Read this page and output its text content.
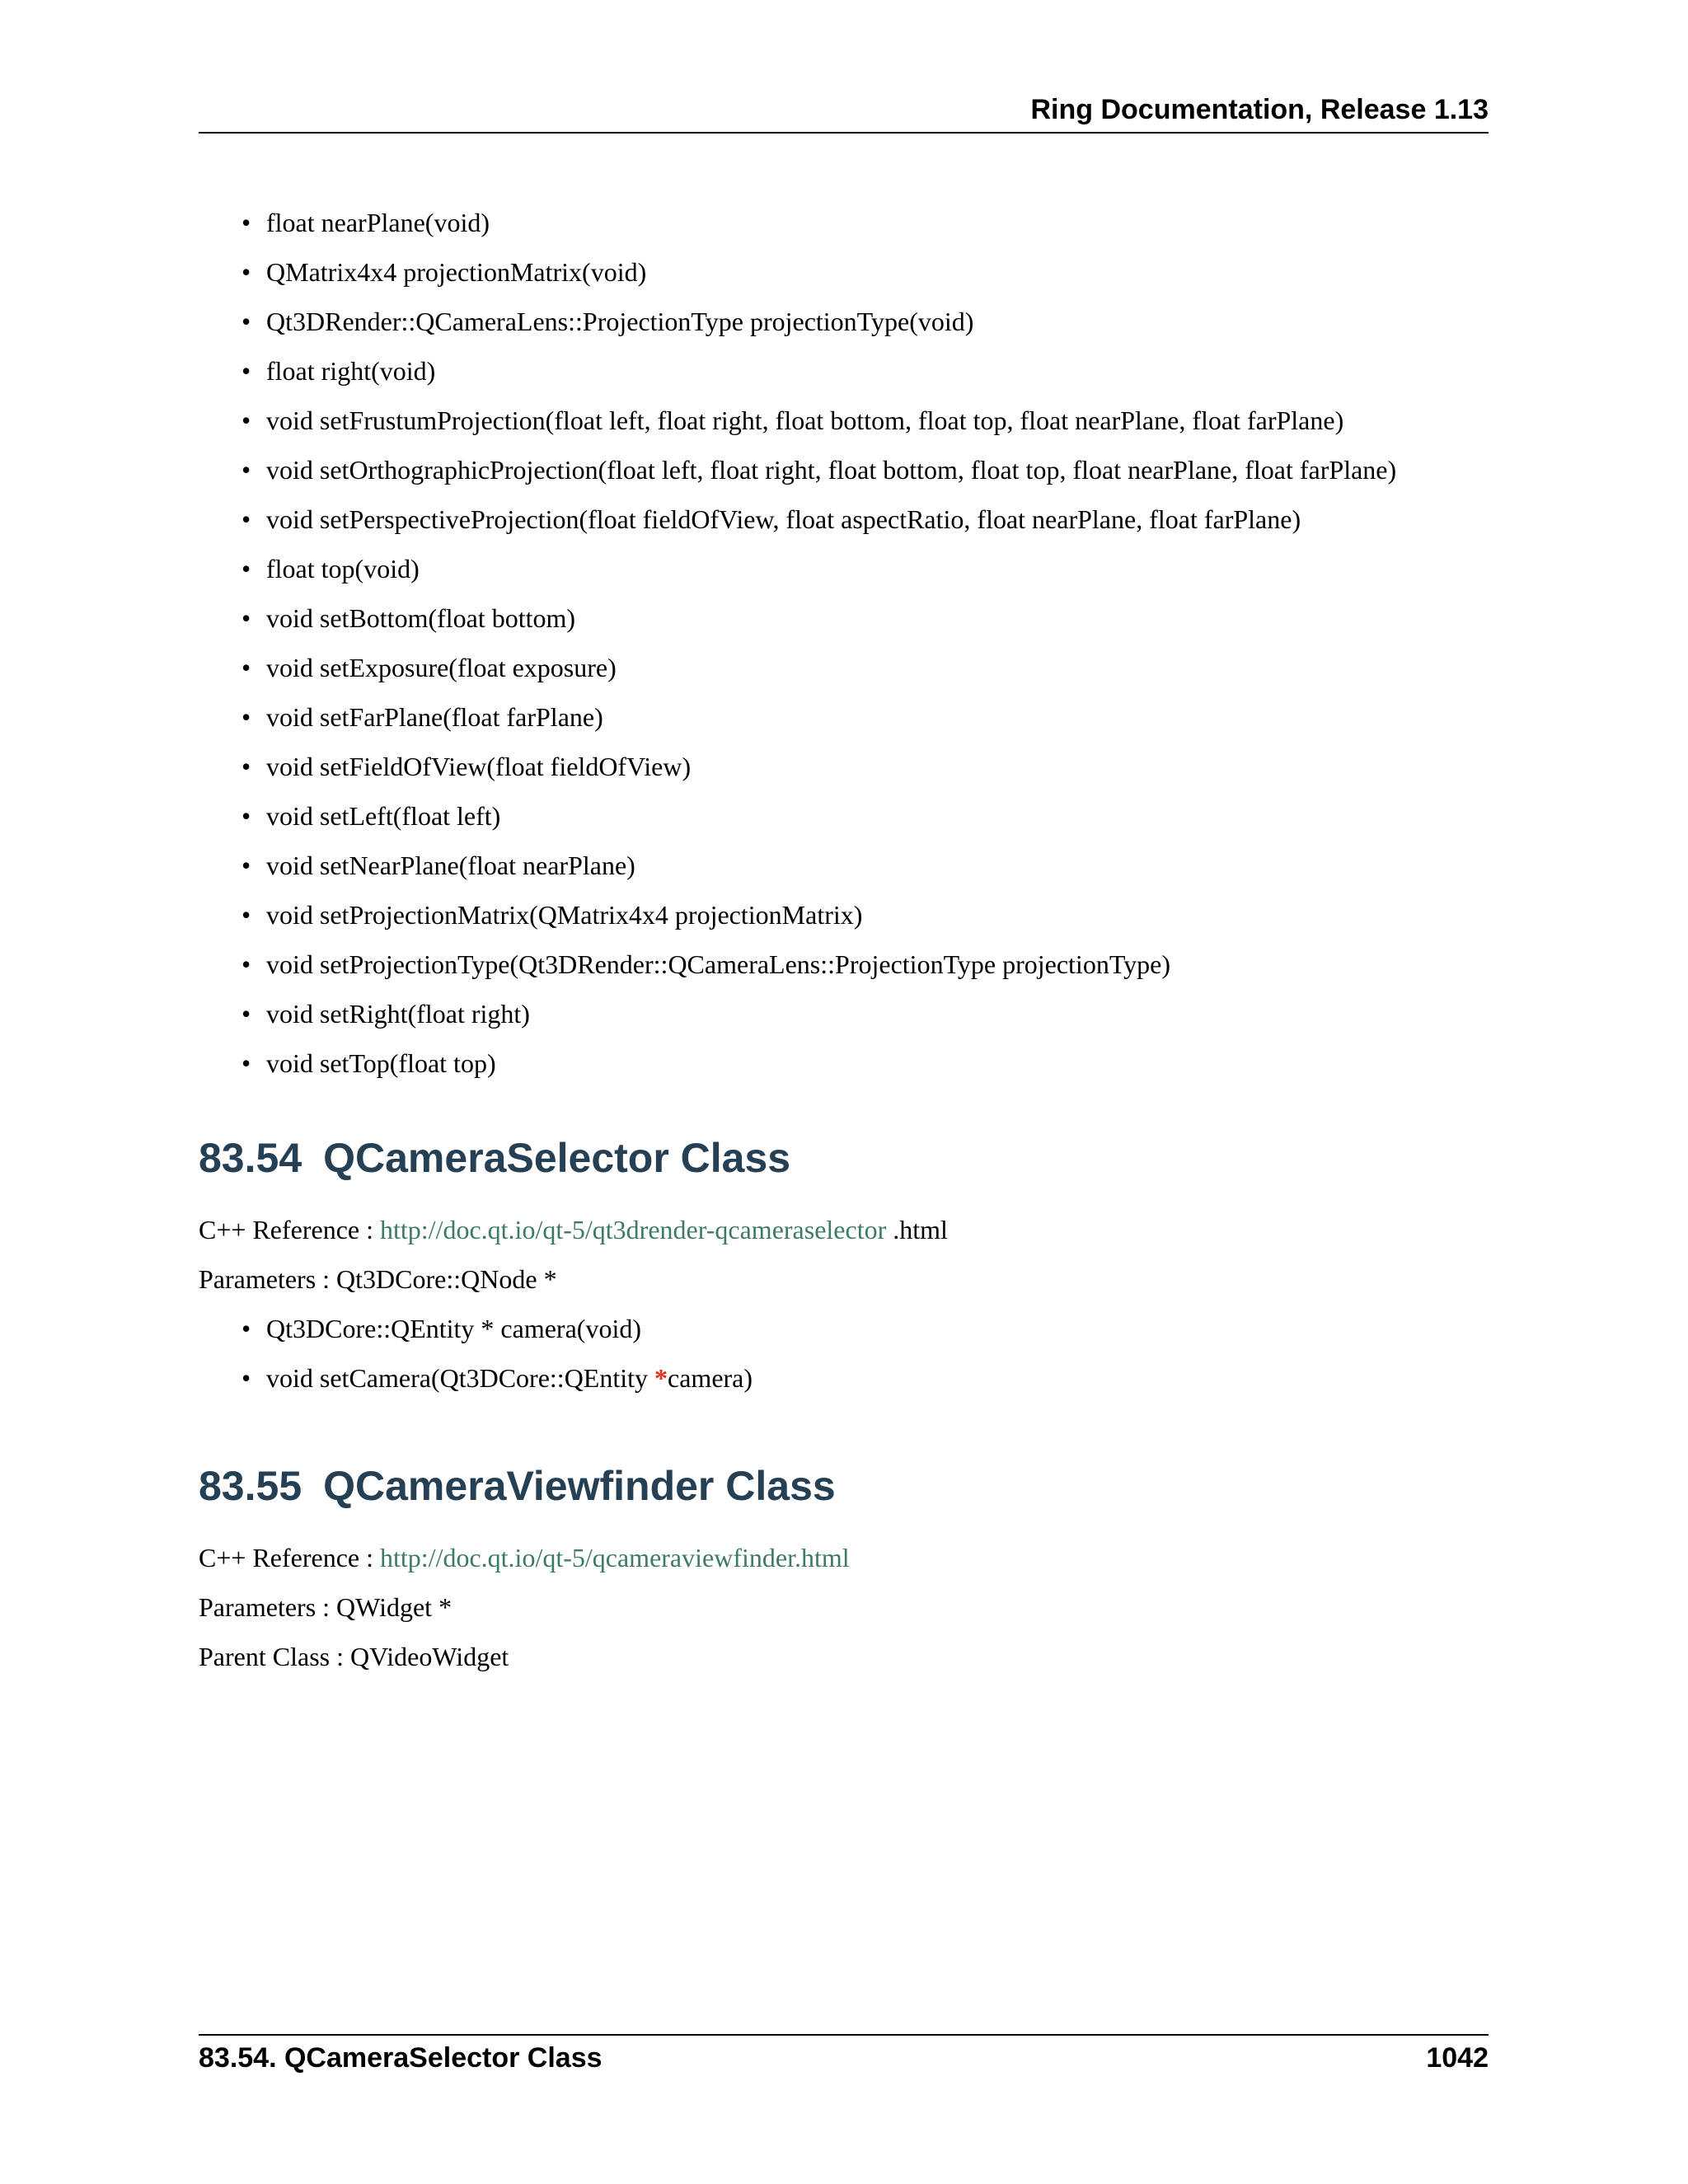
Ring Documentation, Release 1.13
• float nearPlane(void)
• QMatrix4x4 projectionMatrix(void)
• Qt3DRender::QCameraLens::ProjectionType projectionType(void)
• float right(void)
• void setFrustumProjection(float left, float right, float bottom, float top, float nearPlane, float farPlane)
• void setOrthographicProjection(float left, float right, float bottom, float top, float nearPlane, float farPlane)
• void setPerspectiveProjection(float fieldOfView, float aspectRatio, float nearPlane, float farPlane)
• float top(void)
• void setBottom(float bottom)
• void setExposure(float exposure)
• void setFarPlane(float farPlane)
• void setFieldOfView(float fieldOfView)
• void setLeft(float left)
• void setNearPlane(float nearPlane)
• void setProjectionMatrix(QMatrix4x4 projectionMatrix)
• void setProjectionType(Qt3DRender::QCameraLens::ProjectionType projectionType)
• void setRight(float right)
• void setTop(float top)
83.54 QCameraSelector Class

C++ Reference : http://doc.qt.io/qt-5/qt3drender-qcameraselector .html

Parameters : Qt3DCore::QNode *

• Qt3DCore::QEntity * camera(void)
• void setCamera(Qt3DCore::QEntity *camera)
83.55 QCameraViewfinder Class

C++ Reference : http://doc.qt.io/qt-5/qcameraviewfinder.html

Parameters : QWidget *

Parent Class : QVideoWidget

83.54. QCameraSelector Class	1042
